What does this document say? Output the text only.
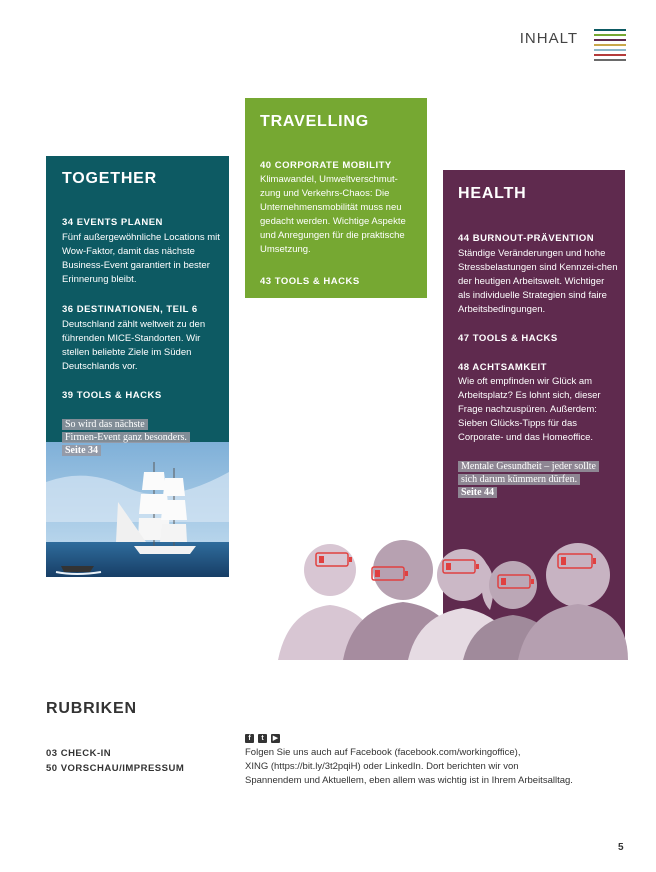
INHALT
TOGETHER

34 EVENTS PLANEN

Fünf außergewöhnliche Locations mit Wow-Faktor, damit das nächste Business-Event garantiert in bester Erinnerung bleibt.

36 DESTINATIONEN, TEIL 6

Deutschland zählt weltweit zu den führenden MICE-Standorten. Wir stellen beliebte Ziele im Süden Deutschlands vor.

39 TOOLS & HACKS

So wird das nächste
Firmen-Event ganz besonders.
Seite 34
TRAVELLING

40 CORPORATE MOBILITY

Klimawandel, Umweltverschmut-zung und Verkehrs-Chaos: Die Unternehmensmobilität muss neu gedacht werden. Wichtige Aspekte und Anregungen für die praktische Umsetzung.

43 TOOLS & HACKS

HEALTH

44 BURNOUT-PRÄVENTION

Ständige Veränderungen und hohe Stressbelastungen sind Kennzei-chen der heutigen Arbeitswelt. Wichtiger als individuelle Strategien sind faire Arbeitsbedingungen.

47 TOOLS & HACKS

48 ACHTSAMKEIT

Wie oft empfinden wir Glück am Arbeitsplatz? Es lohnt sich, dieser Frage nachzuspüren. Außerdem: Sieben Glücks-Tipps für das Corporate- und das Homeoffice.

Mentale Gesundheit – jeder sollte
sich darum kümmern dürfen.
Seite 44
RUBRIKEN
03 CHECK-IN
50 VORSCHAU/IMPRESSUM
f	t	▶
Folgen Sie uns auch auf Facebook (facebook.com/workingoffice),
XING (https://bit.ly/3t2pqiH) oder LinkedIn. Dort berichten wir von
Spannendem und Aktuellem, eben allem was wichtig ist in Ihrem Arbeitsalltag.
5
